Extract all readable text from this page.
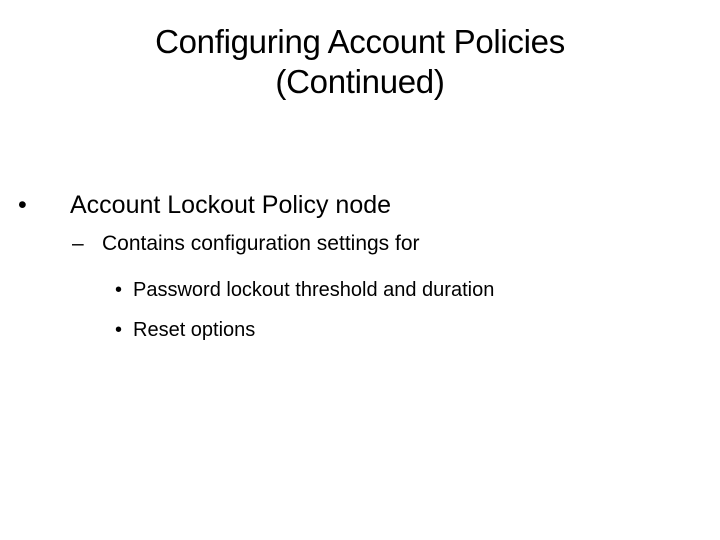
Configuring Account Policies
(Continued)
• Account Lockout Policy node
– Contains configuration settings for
• Password lockout threshold and duration
• Reset options
